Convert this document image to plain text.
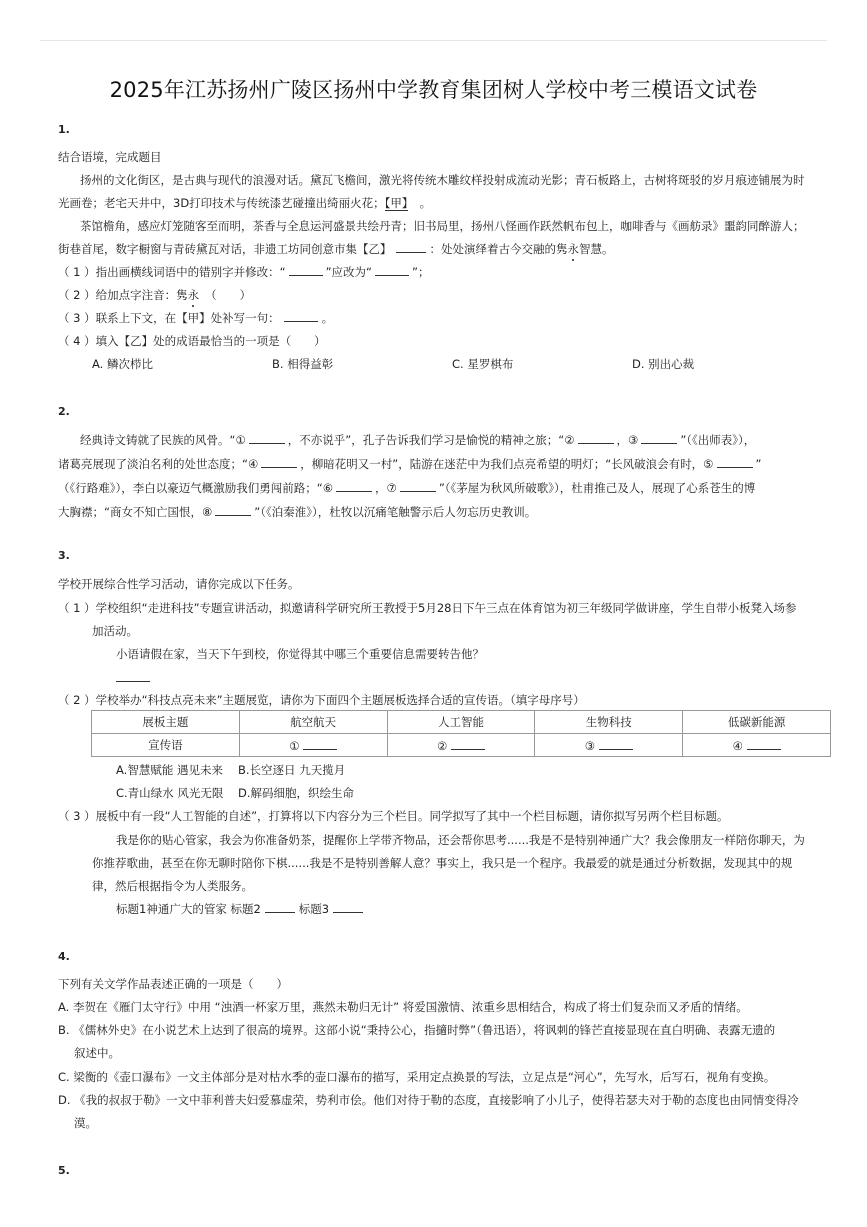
2025年江苏扬州广陵区扬州中学教育集团树人学校中考三模语文试卷
1.
结合语境，完成题目
扬州的文化街区，是古典与现代的浪漫对话。黛瓦飞檐间，激光将传统木雕纹样投射成流动光影；青石板路上，古树将斑驳的岁月痕迹铺展为时
光画卷；老宅天井中，3D打印技术与传统漆艺碰撞出绮丽火花；【甲】 。
茶馆檐角，感应灯笼随客至而明，茶香与全息运河盛景共绘丹青；旧书局里，扬州八怪画作跃然帆布包上，咖啡香与《画舫录》噩韵同醉游人；
街巷首尾，数字橱窗与青砖黛瓦对话，非遗工坊同创意市集【乙】	：处处演绎着古今交融的隽永智慧。
（ 1 ）指出画横线词语中的错别字并修改：“	”应改为“	”；
（ 2 ）给加点字注音：隽永 （　　）
（ 3 ）联系上下文，在【甲】处补写一句：	。
（ 4 ）填入【乙】处的成语最恰当的一项是（　　）
A. 鳞次栉比	B. 相得益彰	C. 星罗棋布	D. 别出心裁
2.
经典诗文铸就了民族的风骨。“①	，不亦说乎”，孔子告诉我们学习是愉悦的精神之旅；“②	，③	”（《出师表》），
诸葛亮展现了淡泊名利的处世态度；“④	，柳暗花明又一村”，陆游在迷茫中为我们点亮希望的明灯；“长风破浪会有时，⑤	”
（《行路难》），李白以豪迈气概激励我们勇闯前路；“⑥	，⑦	”（《茅屋为秋风所破歌》），杜甫推己及人，展现了心系苍生的博
大胸襟；“商女不知亡国恨，⑧	”（《泊秦淮》），杜牧以沉痛笔触警示后人勿忘历史教训。
3.
学校开展综合性学习活动，请你完成以下任务。
（ 1 ）学校组织“走进科技”专题宣讲活动，拟邀请科学研究所王教授于5月28日下午三点在体育馆为初三年级同学做讲座，学生自带小板凳入场参
加活动。
小语请假在家，当天下午到校，你觉得其中哪三个重要信息需要转告他？
（ 2 ）学校举办“科技点亮未来”主题展览，请你为下面四个主题展板选择合适的宣传语。（填字母序号）
展板主题	航空航天	人工智能	生物科技	低碳新能源
宣传语	①	②	③	④
A.智慧赋能 遇见未来 B.长空逐日 九天揽月
C.青山绿水 风光无限 D.解码细胞，织绘生命
（ 3 ）展板中有一段“人工智能的自述”，打算将以下内容分为三个栏目。同学拟写了其中一个栏目标题，请你拟写另两个栏目标题。
我是你的贴心管家，我会为你准备奶茶，提醒你上学带齐物品，还会帮你思考......我是不是特别神通广大？我会像朋友一样陪你聊天，为
你推荐歌曲，甚至在你无聊时陪你下棋......我是不是特别善解人意？事实上，我只是一个程序。我最爱的就是通过分析数据，发现其中的规
律，然后根据指令为人类服务。
标题1神通广大的管家 标题2	标题3
4.
下列有关文学作品表述正确的一项是（　　）
A. 李贺在《雁门太守行》中用 “浊酒一杯家万里，燕然未勒归无计” 将爱国激情、浓重乡思相结合，构成了将士们复杂而又矛盾的情绪。
B. 《儒林外史》在小说艺术上达到了很高的境界。这部小说“秉持公心，指擿时弊”（鲁迅语），将讽刺的锋芒直接显现在直白明确、表露无遗的
叙述中。
C. 梁衡的《壶口瀑布》一文主体部分是对枯水季的壶口瀑布的描写，采用定点换景的写法，立足点是“河心”，先写水，后写石，视角有变换。
D. 《我的叔叔于勒》一文中菲利普夫妇爱慕虚荣，势利市侩。他们对待于勒的态度，直接影响了小儿子，使得若瑟夫对于勒的态度也由同情变得冷
漠。
5.
